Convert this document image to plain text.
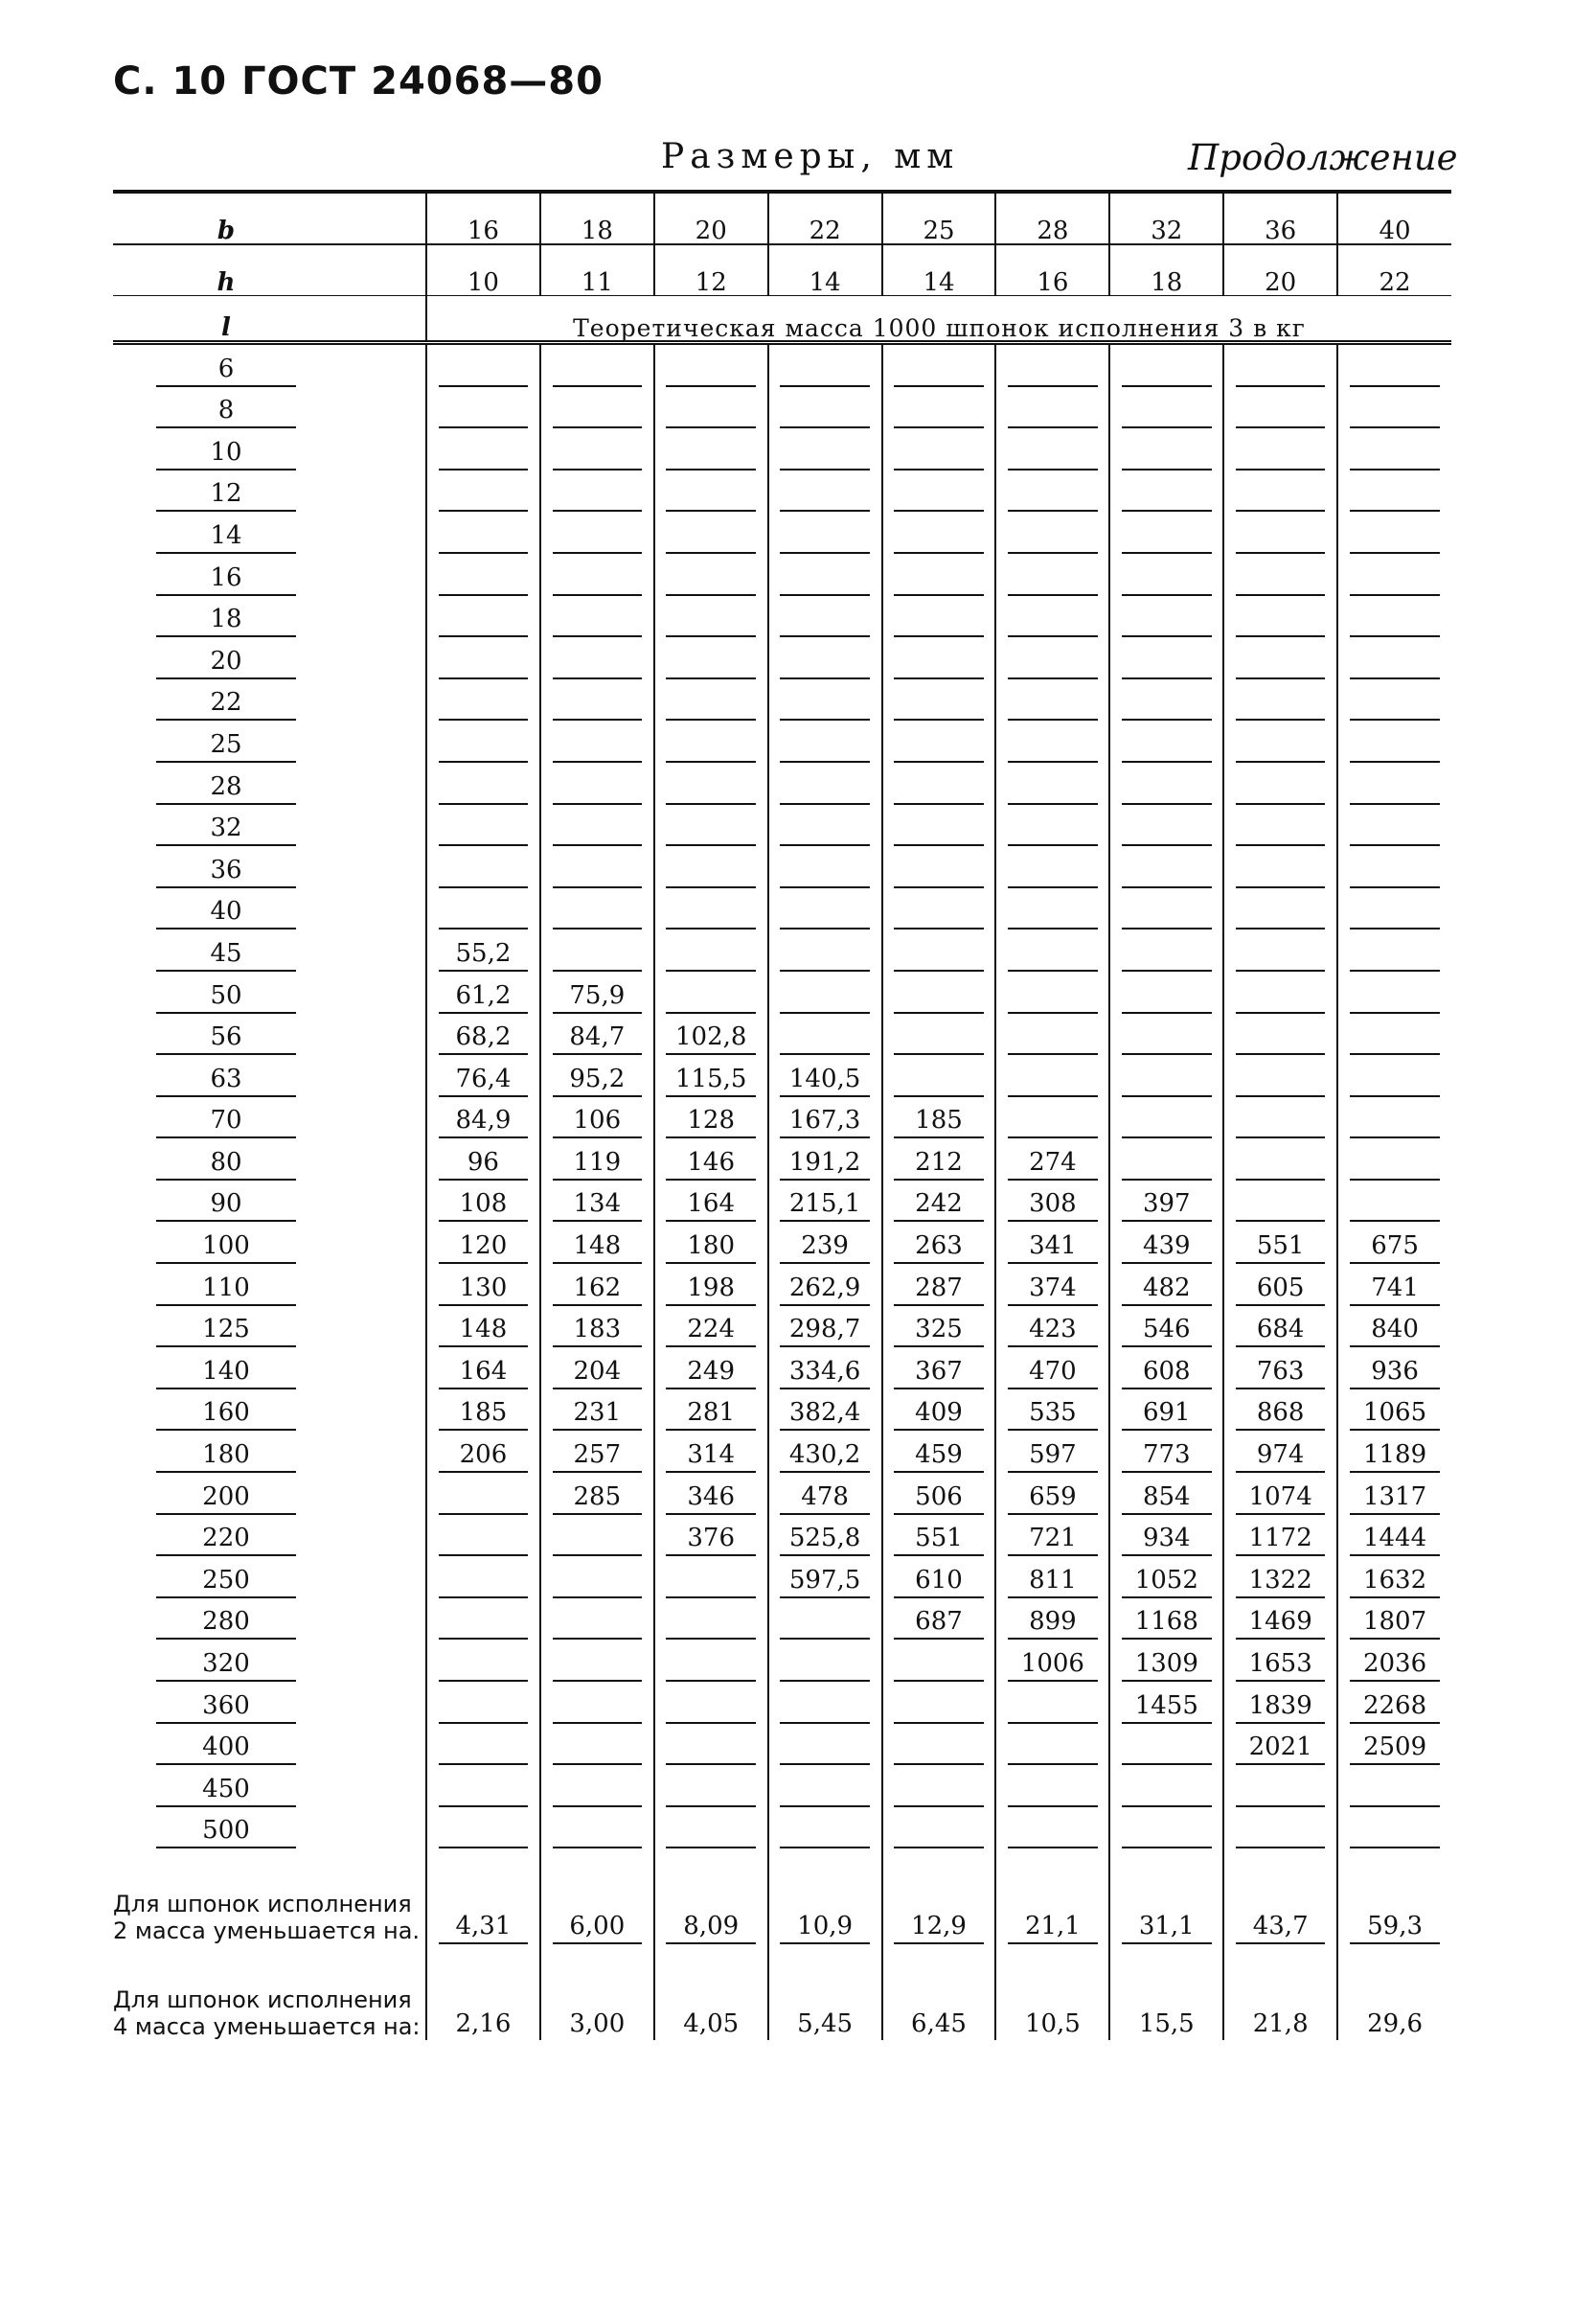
С. 10 ГОСТ 24068—80
Размеры, мм	Продолжение
b	16	18	20	22	25	28	32	36	40
h	10	11	12	14	14	16	18	20	22
l	Теоретическая масса 1000 шпонок исполнения 3 в кг								
6									
8									
10									
12									
14									
16									
18									
20									
22									
25									
28									
32									
36									
40									
45	55,2								
50	61,2	75,9							
56	68,2	84,7	102,8						
63	76,4	95,2	115,5	140,5					
70	84,9	106	128	167,3	185				
80	96	119	146	191,2	212	274			
90	108	134	164	215,1	242	308	397		
100	120	148	180	239	263	341	439	551	675
110	130	162	198	262,9	287	374	482	605	741
125	148	183	224	298,7	325	423	546	684	840
140	164	204	249	334,6	367	470	608	763	936
160	185	231	281	382,4	409	535	691	868	1065
180	206	257	314	430,2	459	597	773	974	1189
200		285	346	478	506	659	854	1074	1317
220			376	525,8	551	721	934	1172	1444
250				597,5	610	811	1052	1322	1632
280					687	899	1168	1469	1807
320						1006	1309	1653	2036
360							1455	1839	2268
400								2021	2509
450									
500									
Для шпонок исполнения 2 масса уменьшается на.	4,31	6,00	8,09	10,9	12,9	21,1	31,1	43,7	59,3
Для шпонок исполнения 4 масса уменьшается на:	2,16	3,00	4,05	5,45	6,45	10,5	15,5	21,8	29,6
